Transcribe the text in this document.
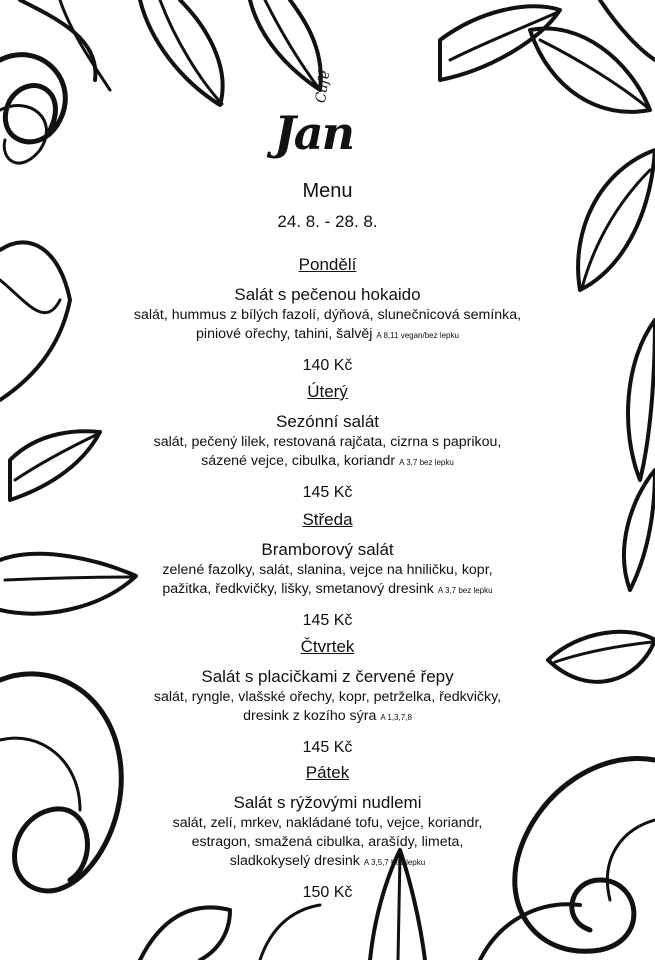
Jan
Café
Menu
24. 8. - 28. 8.
Pondělí
Salát s pečenou hokaido
salát, hummus z bílých fazolí, dýňová, slunečnicová semínka,
piniové ořechy, tahini, šalvěj A 8,11 vegan/bez lepku
140 Kč
Úterý
Sezónní salát
salát, pečený lilek, restovaná rajčata, cizrna s paprikou,
sázené vejce, cibulka, koriandr A 3,7 bez lepku
145 Kč
Středa
Bramborový salát
zelené fazolky, salát, slanina, vejce na hniličku, kopr,
pažitka, ředkvičky, lišky, smetanový dresink A 3,7 bez lepku
145 Kč
Čtvrtek
Salát s placičkami z červené řepy
salát, ryngle, vlašské ořechy, kopr, petrželka, ředkvičky,
dresink z kozího sýra A 1,3,7,8
145 Kč
Pátek
Salát s rýžovými nudlemi
salát, zelí, mrkev, nakládané tofu, vejce, koriandr,
estragon, smažená cibulka, arašídy, limeta,
sladkokyselý dresink A 3,5,7 bez lepku
150 Kč
